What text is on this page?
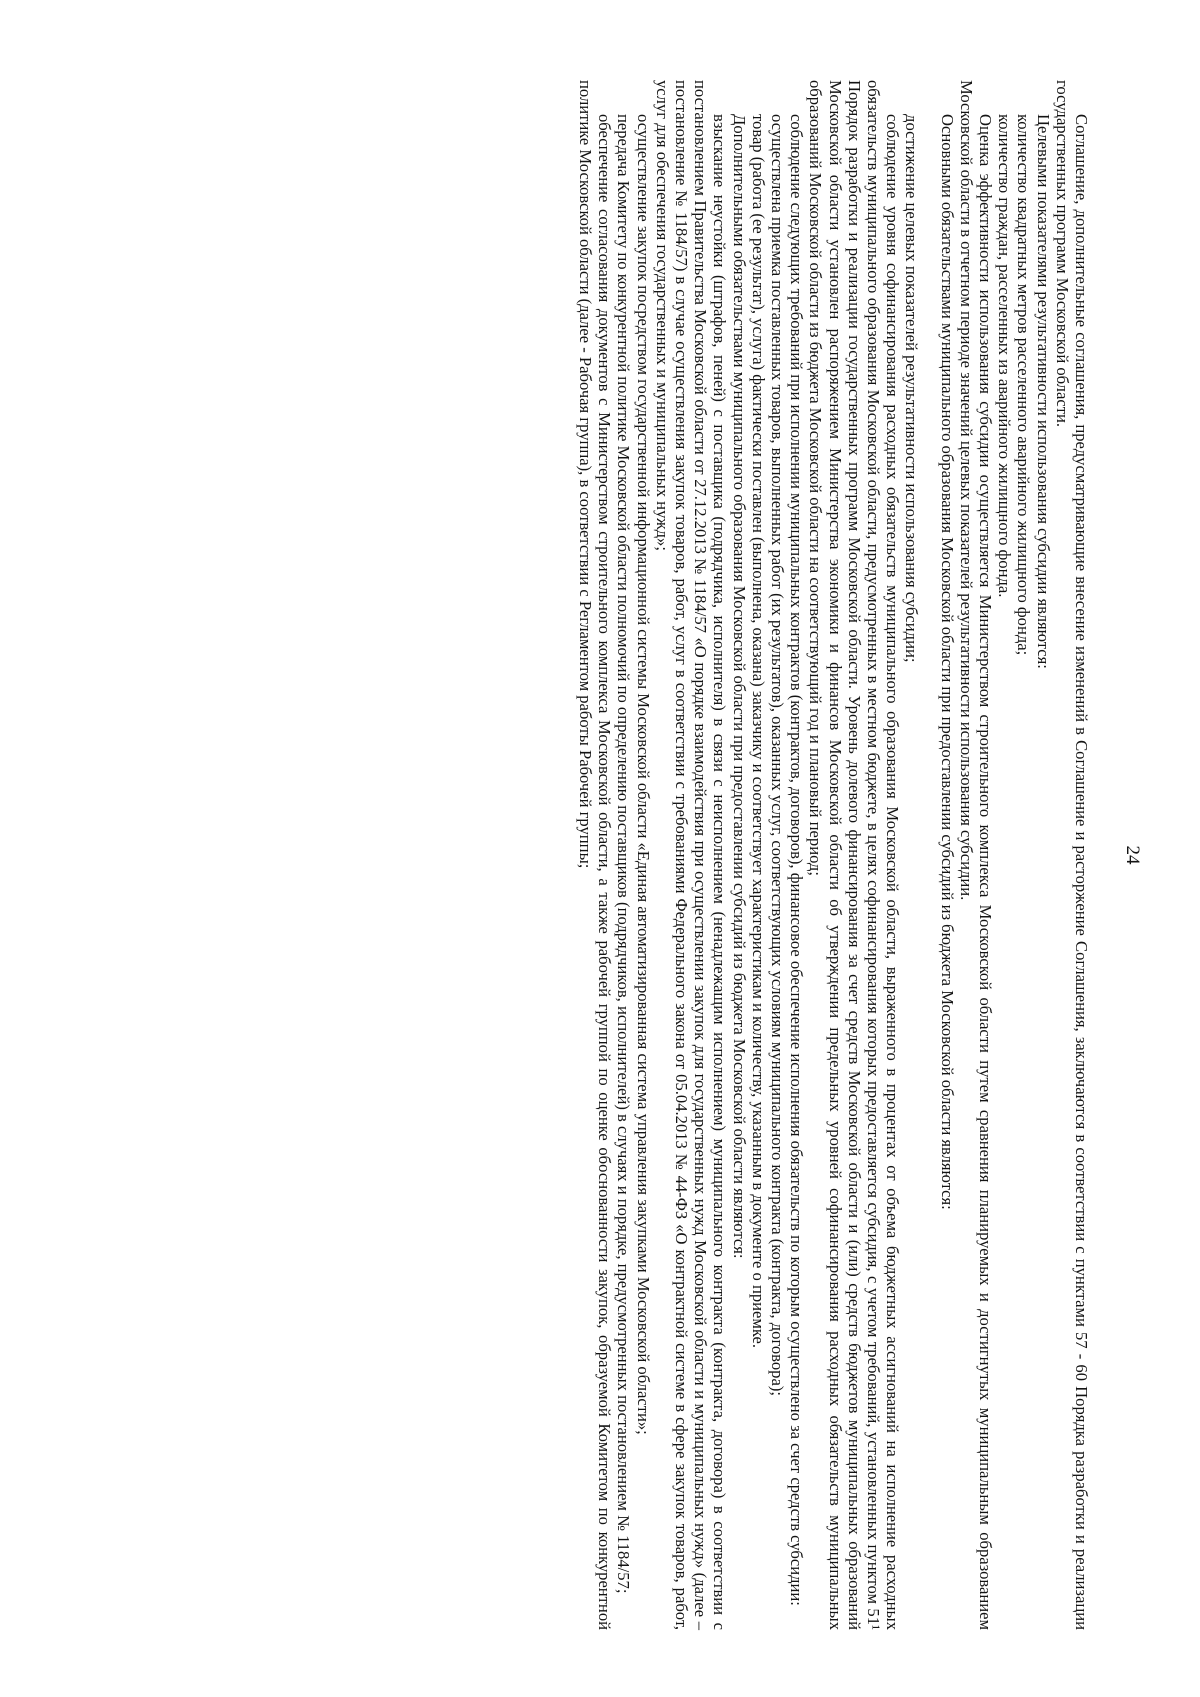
24

Соглашение, дополнительные соглашения, предусматривающие внесение изменений в Соглашение и расторжение Соглашения, заключаются в соответствии с пунктами 57 - 60 Порядка разработки и реализации государственных программ Московской области.

Целевыми показателями результативности использования субсидии являются:

количество квадратных метров расселенного аварийного жилищного фонда;

количество граждан, расселенных из аварийного жилищного фонда.

Оценка эффективности использования субсидии осуществляется Министерством строительного комплекса Московской области путем сравнения планируемых и достигнутых муниципальным образованием Московской области в отчетном периоде значений целевых показателей результативности использования субсидии.

Основными обязательствами муниципального образования Московской области при предоставлении субсидий из бюджета Московской области являются:

достижение целевых показателей результативности использования субсидии;

соблюдение уровня софинансирования расходных обязательств муниципального образования Московской области, выраженного в процентах от объема бюджетных ассигнований на исполнение расходных обязательств муниципального образования Московской области, предусмотренных в местном бюджете, в целях софинансирования которых предоставляется субсидия, с учетом требований, установленных пунктом 51¹ Порядок разработки и реализации государственных программ Московской области. Уровень долевого финансирования за счет средств Московской области и (или) средств бюджетов муниципальных образований Московской области установлен распоряжением Министерства экономики и финансов Московской области об утверждении предельных уровней софинансирования расходных обязательств муниципальных образований Московской области из бюджета Московской области на соответствующий год и плановый период;

соблюдение следующих требований при исполнении муниципальных контрактов (контрактов, договоров), финансовое обеспечение исполнения обязательств по которым осуществлено за счет средств субсидии:

осуществлена приемка поставленных товаров, выполненных работ (их результатов), оказанных услуг, соответствующих условиям муниципального контракта (контракта, договора);

товар (работа (ее результат), услуга) фактически поставлен (выполнена, оказана) заказчику и соответствует характеристикам и количеству, указанным в документе о приемке.

Дополнительными обязательствами муниципального образования Московской области при предоставлении субсидий из бюджета Московской области являются:

взыскание неустойки (штрафов, пеней) с поставщика (подрядчика, исполнителя) в связи с неисполнением (ненадлежащим исполнением) муниципального контракта (контракта, договора) в соответствии с постановлением Правительства Московской области от 27.12.2013 № 1184/57 «О порядке взаимодействия при осуществлении закупок для государственных нужд Московской области и муниципальных нужд» (далее – постановление № 1184/57) в случае осуществления закупок товаров, работ, услуг в соответствии с требованиями Федерального закона от 05.04.2013 № 44-ФЗ «О контрактной системе в сфере закупок товаров, работ, услуг для обеспечения государственных и муниципальных нужд»;

осуществление закупок посредством государственной информационной системы Московской области «Единая автоматизированная система управления закупками Московской области»;

передача Комитету по конкурентной политике Московской области полномочий по определению поставщиков (подрядчиков, исполнителей) в случаях и порядке, предусмотренных постановлением № 1184/57;

обеспечение согласования документов с Министерством строительного комплекса Московской области, а также рабочей группой по оценке обоснованности закупок, образуемой Комитетом по конкурентной политике Московской области (далее - Рабочая группа), в соответствии с Регламентом работы Рабочей группы;
